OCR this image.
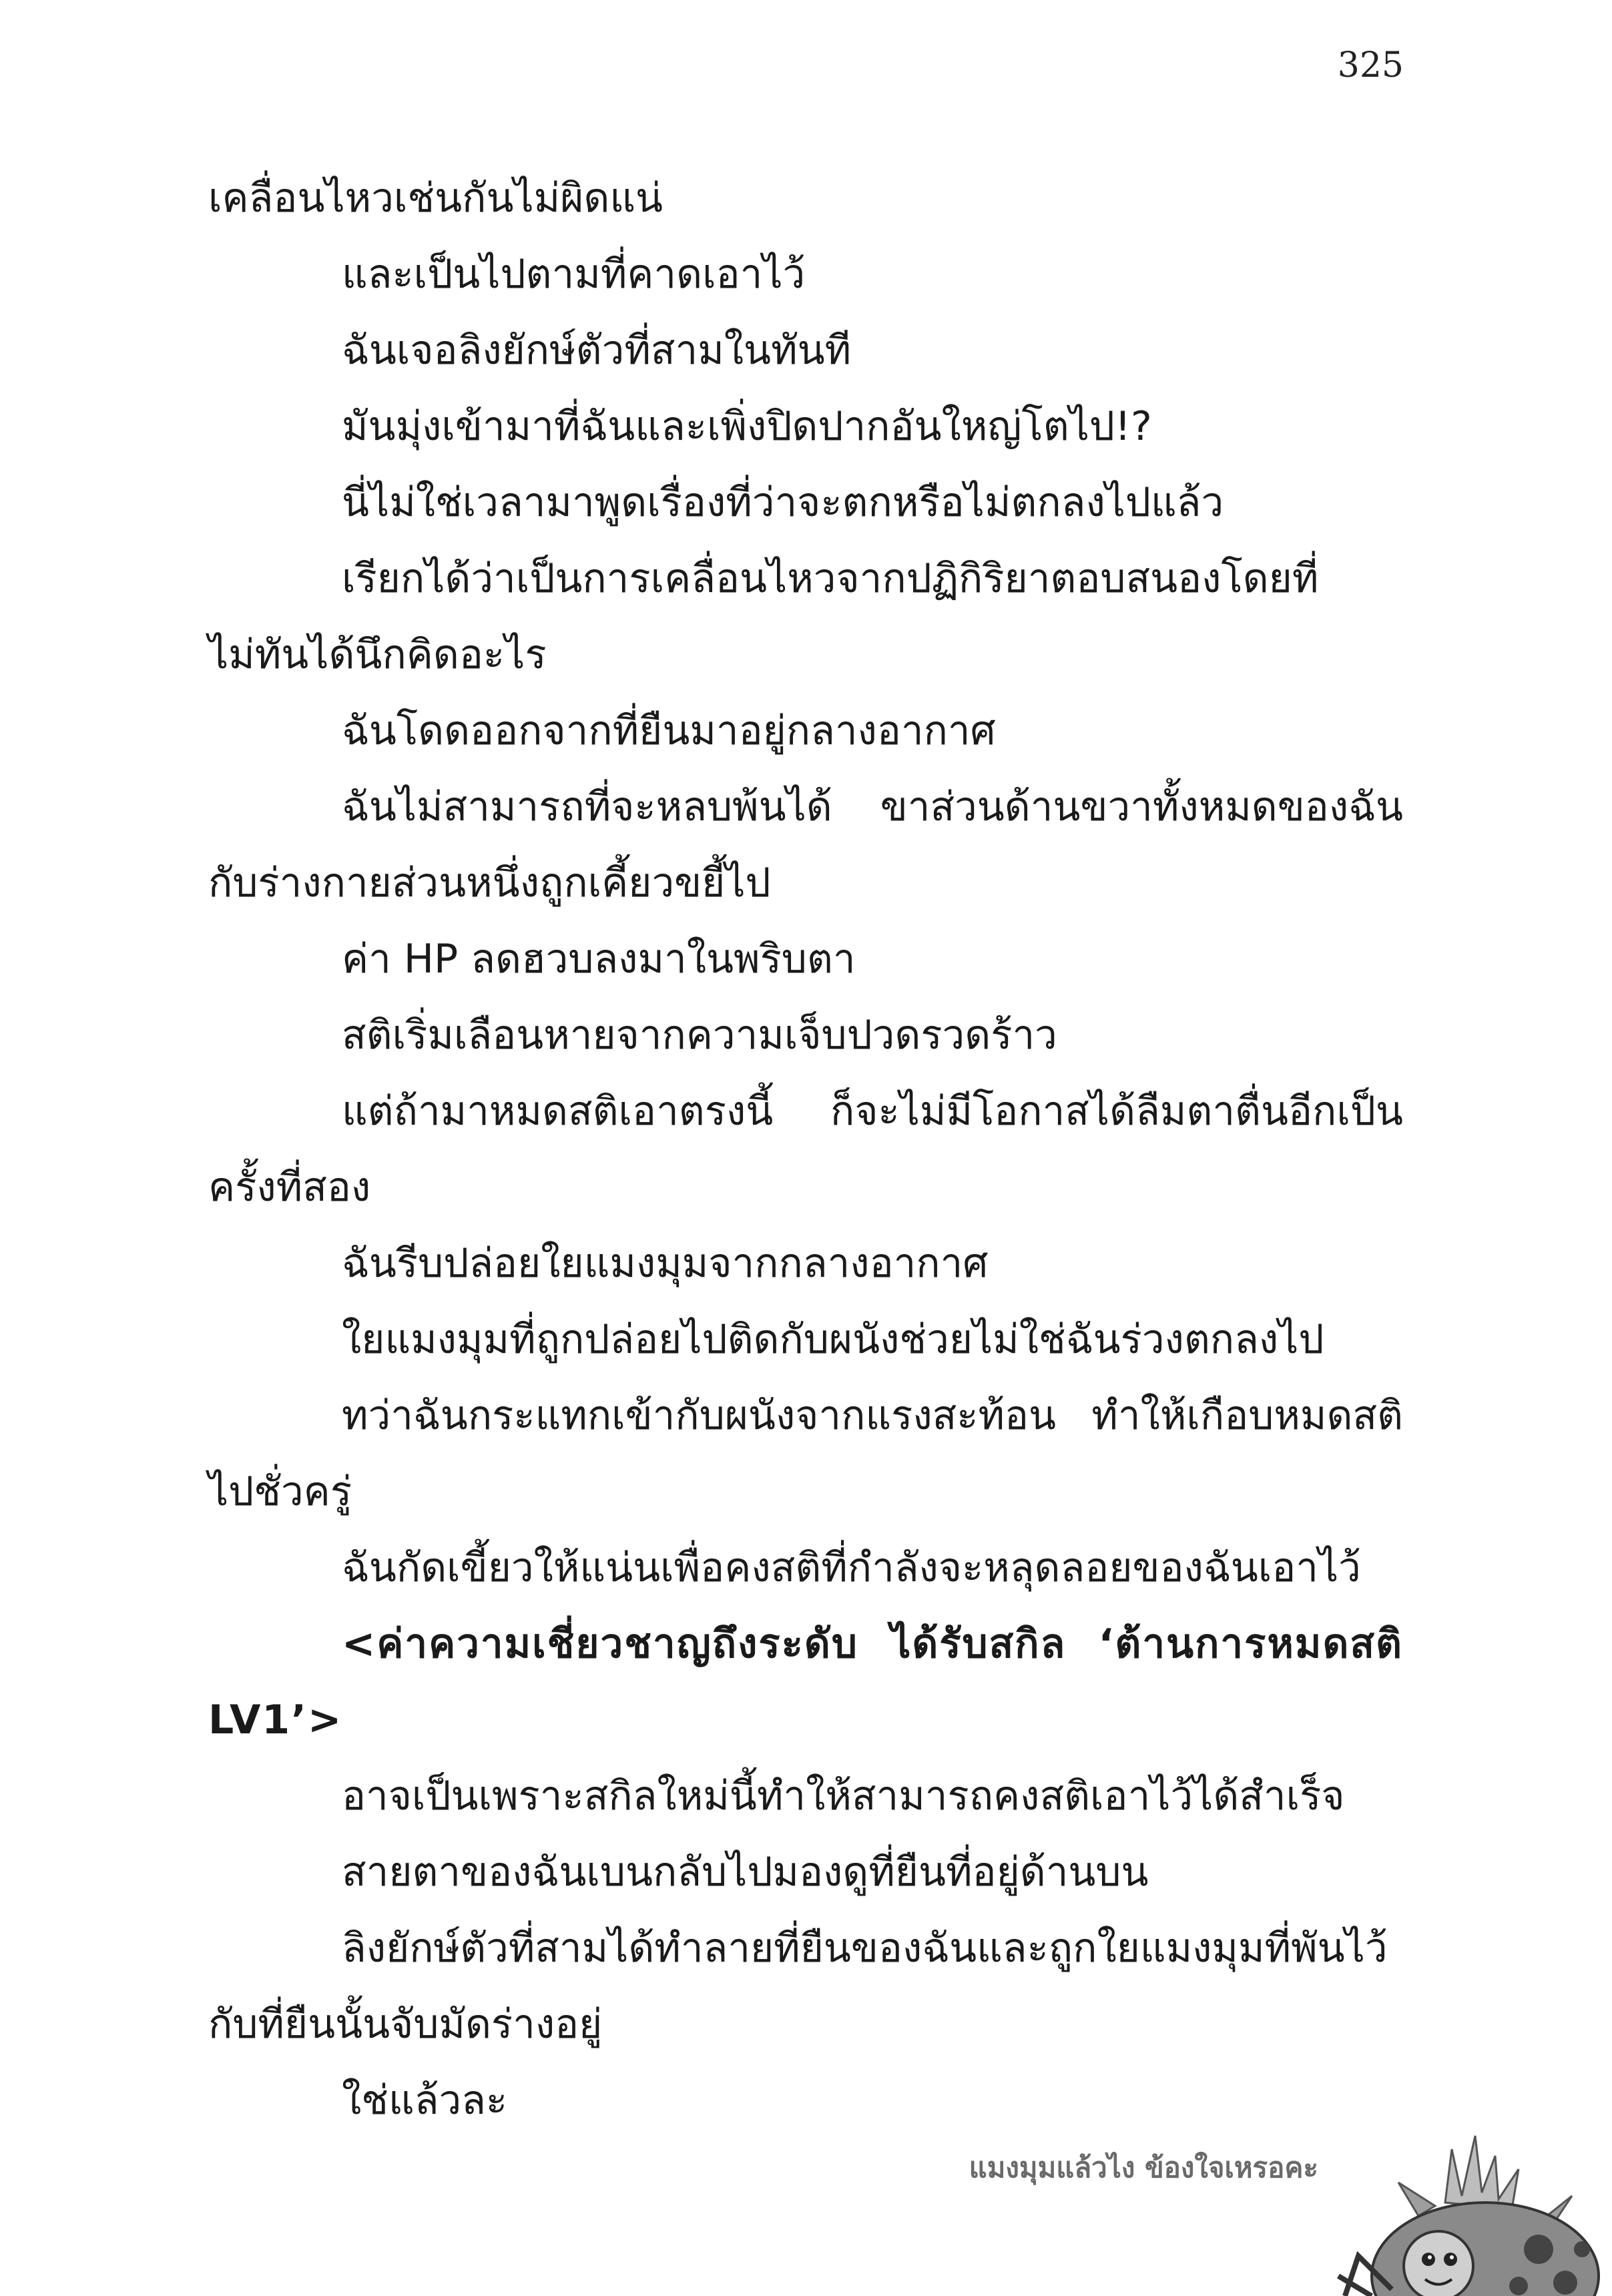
325

เคลื่อนไหวเช่นกันไม่ผิดแน่

และเป็นไปตามที่คาดเอาไว้

ฉันเจอลิงยักษ์ตัวที่สามในทันที

มันมุ่งเข้ามาที่ฉันและเพิ่งปิดปากอันใหญ่โตไป!?

นี่ไม่ใช่เวลามาพูดเรื่องที่ว่าจะตกหรือไม่ตกลงไปแล้ว

เรียกได้ว่าเป็นการเคลื่อนไหวจากปฏิกิริยาตอบสนองโดยที่ไม่ทันได้นึกคิดอะไร

ฉันโดดออกจากที่ยืนมาอยู่กลางอากาศ

ฉันไม่สามารถที่จะหลบพ้นได้ ขาส่วนด้านขวาทั้งหมดของฉันกับร่างกายส่วนหนึ่งถูกเคี้ยวขยี้ไป

ค่า HP ลดฮวบลงมาในพริบตา

สติเริ่มเลือนหายจากความเจ็บปวดรวดร้าว

แต่ถ้ามาหมดสติเอาตรงนี้ ก็จะไม่มีโอกาสได้ลืมตาตื่นอีกเป็นครั้งที่สอง

ฉันรีบปล่อยใยแมงมุมจากกลางอากาศ

ใยแมงมุมที่ถูกปล่อยไปติดกับผนังช่วยไม่ใช่ฉันร่วงตกลงไป

ทว่าฉันกระแทกเข้ากับผนังจากแรงสะท้อน ทำให้เกือบหมดสติไปชั่วครู่

ฉันกัดเขี้ยวให้แน่นเพื่อคงสติที่กำลังจะหลุดลอยของฉันเอาไว้

<ค่าความเชี่ยวชาญถึงระดับ ได้รับสกิล ‘ต้านการหมดสติ LV1’>

อาจเป็นเพราะสกิลใหม่นี้ทำให้สามารถคงสติเอาไว้ได้สำเร็จ

สายตาของฉันเบนกลับไปมองดูที่ยืนที่อยู่ด้านบน

ลิงยักษ์ตัวที่สามได้ทำลายที่ยืนของฉันและถูกใยแมงมุมที่พันไว้กับที่ยืนนั้นจับมัดร่างอยู่

ใช่แล้วละ

แมงมุมแล้วไง ข้องใจเหรอคะ
